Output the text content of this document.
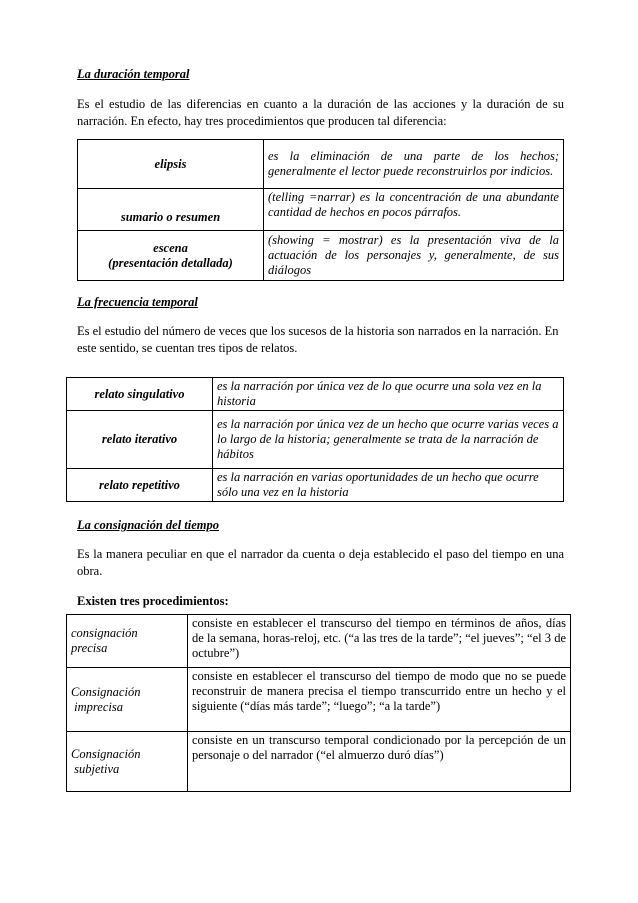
La duración temporal

Es el estudio de las diferencias en cuanto a la duración de las acciones y la duración de su narración. En efecto, hay tres procedimientos que producen tal diferencia:

elipsis	es la eliminación de una parte de los hechos; generalmente el lector puede reconstruirlos por indicios.
sumario o resumen	(telling =narrar) es la concentración de una abundante cantidad de hechos en pocos párrafos.

escena
(presentación detallada)	(showing = mostrar) es la presentación viva de la actuación de los personajes y, generalmente, de sus diálogos

La frecuencia temporal

Es el estudio del número de veces que los sucesos de la historia son narrados en la narración. En este sentido, se cuentan tres tipos de relatos.

relato singulativo	es la narración por única vez de lo que ocurre una sola vez en la historia
relato iterativo	es la narración por única vez de un hecho que ocurre varias veces a lo largo de la historia; generalmente se trata de la narración de hábitos
relato repetitivo	es la narración en varias oportunidades de un hecho que ocurre sólo una vez en la historia

La consignación del tiempo

Es la manera peculiar en que el narrador da cuenta o deja establecido el paso del tiempo en una obra.

Existen tres procedimientos:

consignación
precisa	consiste en establecer el transcurso del tiempo en términos de años, días de la semana, horas-reloj, etc. (“a las tres de la tarde”; “el jueves”; “el 3 de octubre”)

Consignación
imprecisa	consiste en establecer el transcurso del tiempo de modo que no se puede reconstruir de manera precisa el tiempo transcurrido entre un hecho y el siguiente (“días más tarde”; “luego”; “a la tarde”)

Consignación
subjetiva	consiste en un transcurso temporal condicionado por la percepción de un personaje o del narrador (“el almuerzo duró días”)
